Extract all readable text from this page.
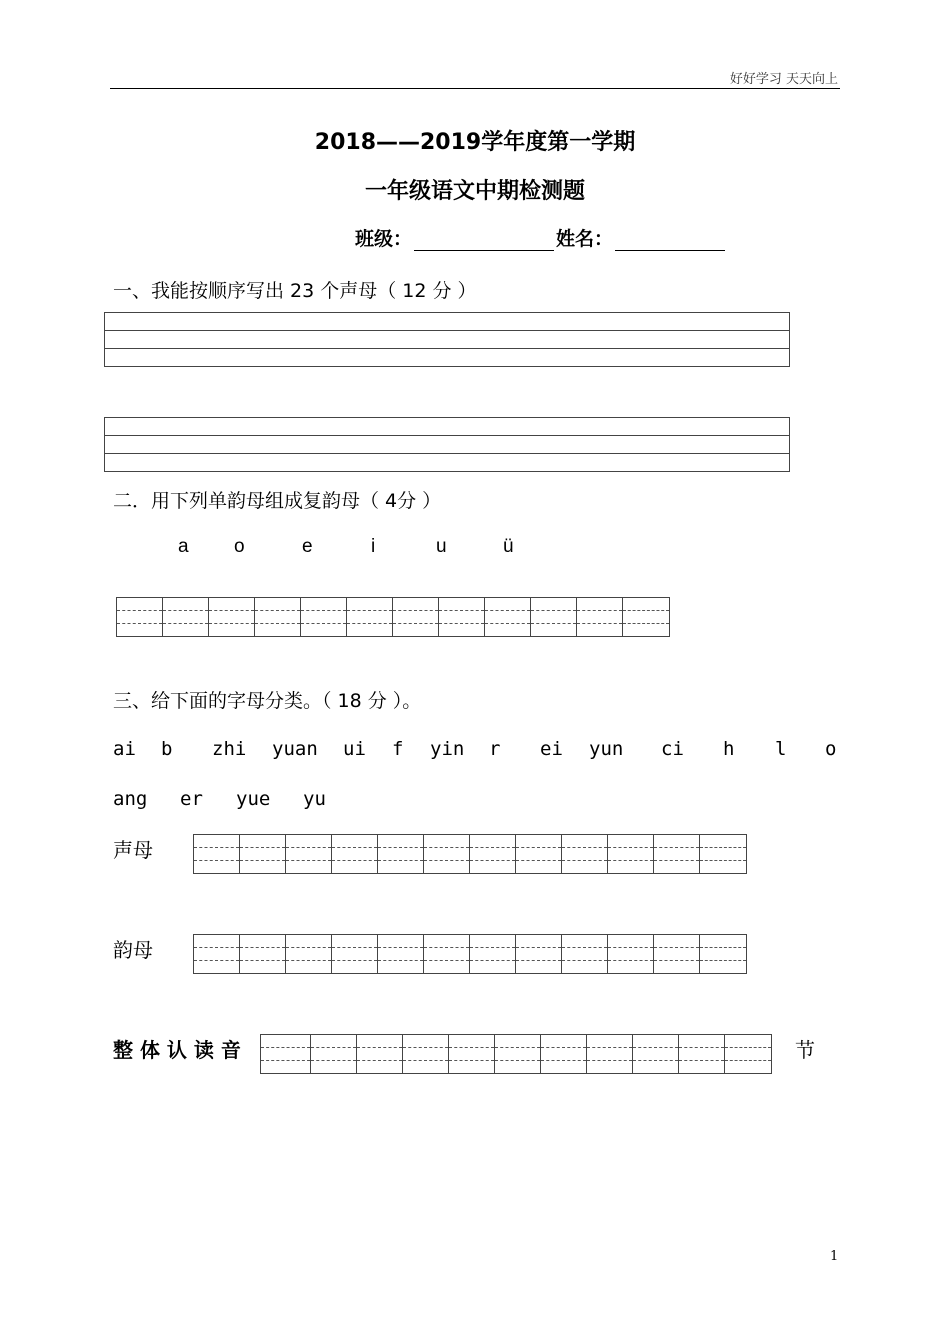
好好学习 天天向上
2018——2019学年度第一学期
一年级语文中期检测题
班级：	姓名：
一、我能按顺序写出 23 个声母（ 12 分 ）
二．用下列单韵母组成复韵母（ 4分 ）
a o	e	i	u	ü
三、给下面的字母分类。（ 18 分 ）。
ai b zhi yuan ui f yin r ei yun ci h l o
ang er yue yu
声母
韵母
整 体 认 读 音	节
1
